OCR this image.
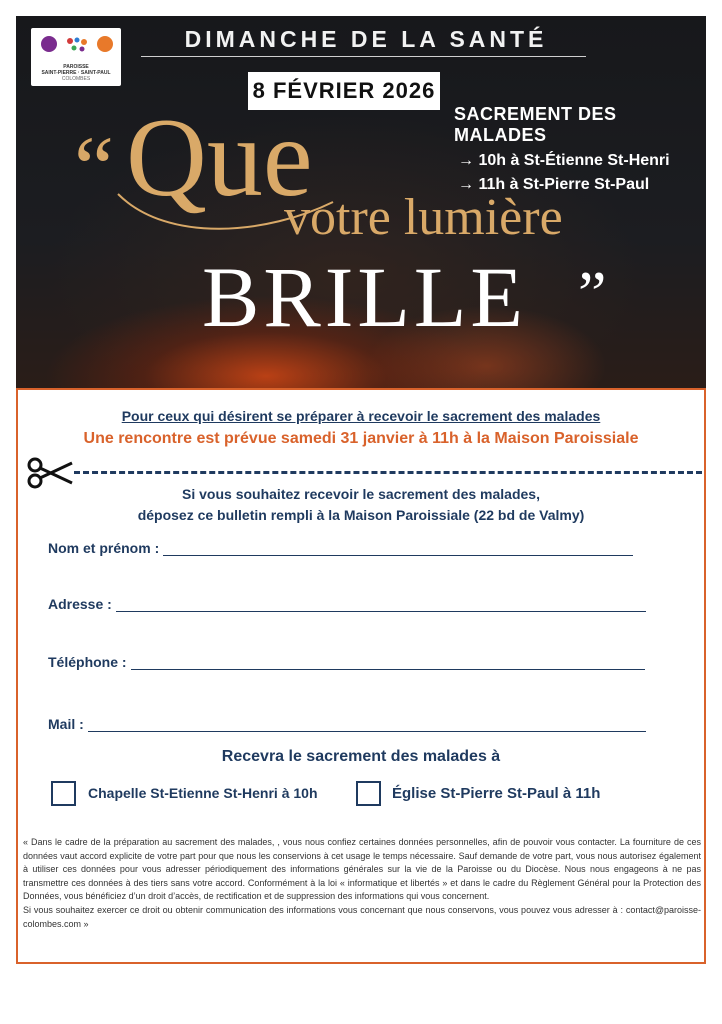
PAROISSE
SAINT-PIERRE · SAINT-PAUL
COLOMBES
DIMANCHE DE LA SANTÉ
8 FÉVRIER 2026
SACREMENT DES MALADES
→ 10h à St-Étienne St-Henri
→ 11h à St-Pierre St-Paul
“ Que
votre lumière
BRILLE ”
Pour ceux qui désirent se préparer à recevoir le sacrement des malades
Une rencontre est prévue samedi 31 janvier à 11h à la Maison Paroissiale
Si vous souhaitez recevoir le sacrement des malades,
déposez ce bulletin rempli à la Maison Paroissiale (22 bd de Valmy)
Nom et prénom :
Adresse :
Téléphone :
Mail :
Recevra le sacrement des malades à
Chapelle St-Etienne St-Henri à 10h	Église St-Pierre St-Paul à 11h

« Dans le cadre de la préparation au sacrement des malades, , vous nous confiez certaines données personnelles, afin de pouvoir vous contacter. La fourniture de ces données vaut accord explicite de votre part pour que nous les conservions à cet usage le temps nécessaire. Sauf demande de votre part, vous nous autorisez également à utiliser ces données pour vous adresser périodiquement des informations générales sur la vie de la Paroisse ou du Diocèse. Nous nous engageons à ne pas transmettre ces données à des tiers sans votre accord. Conformément à la loi « informatique et libertés » et dans le cadre du Règlement Général pour la Protection des Données, vous bénéficiez d’un droit d’accès, de rectification et de suppression des informations qui vous concernent.

Si vous souhaitez exercer ce droit ou obtenir communication des informations vous concernant que nous conservons, vous pouvez vous adresser à : contact@paroisse-colombes.com »
